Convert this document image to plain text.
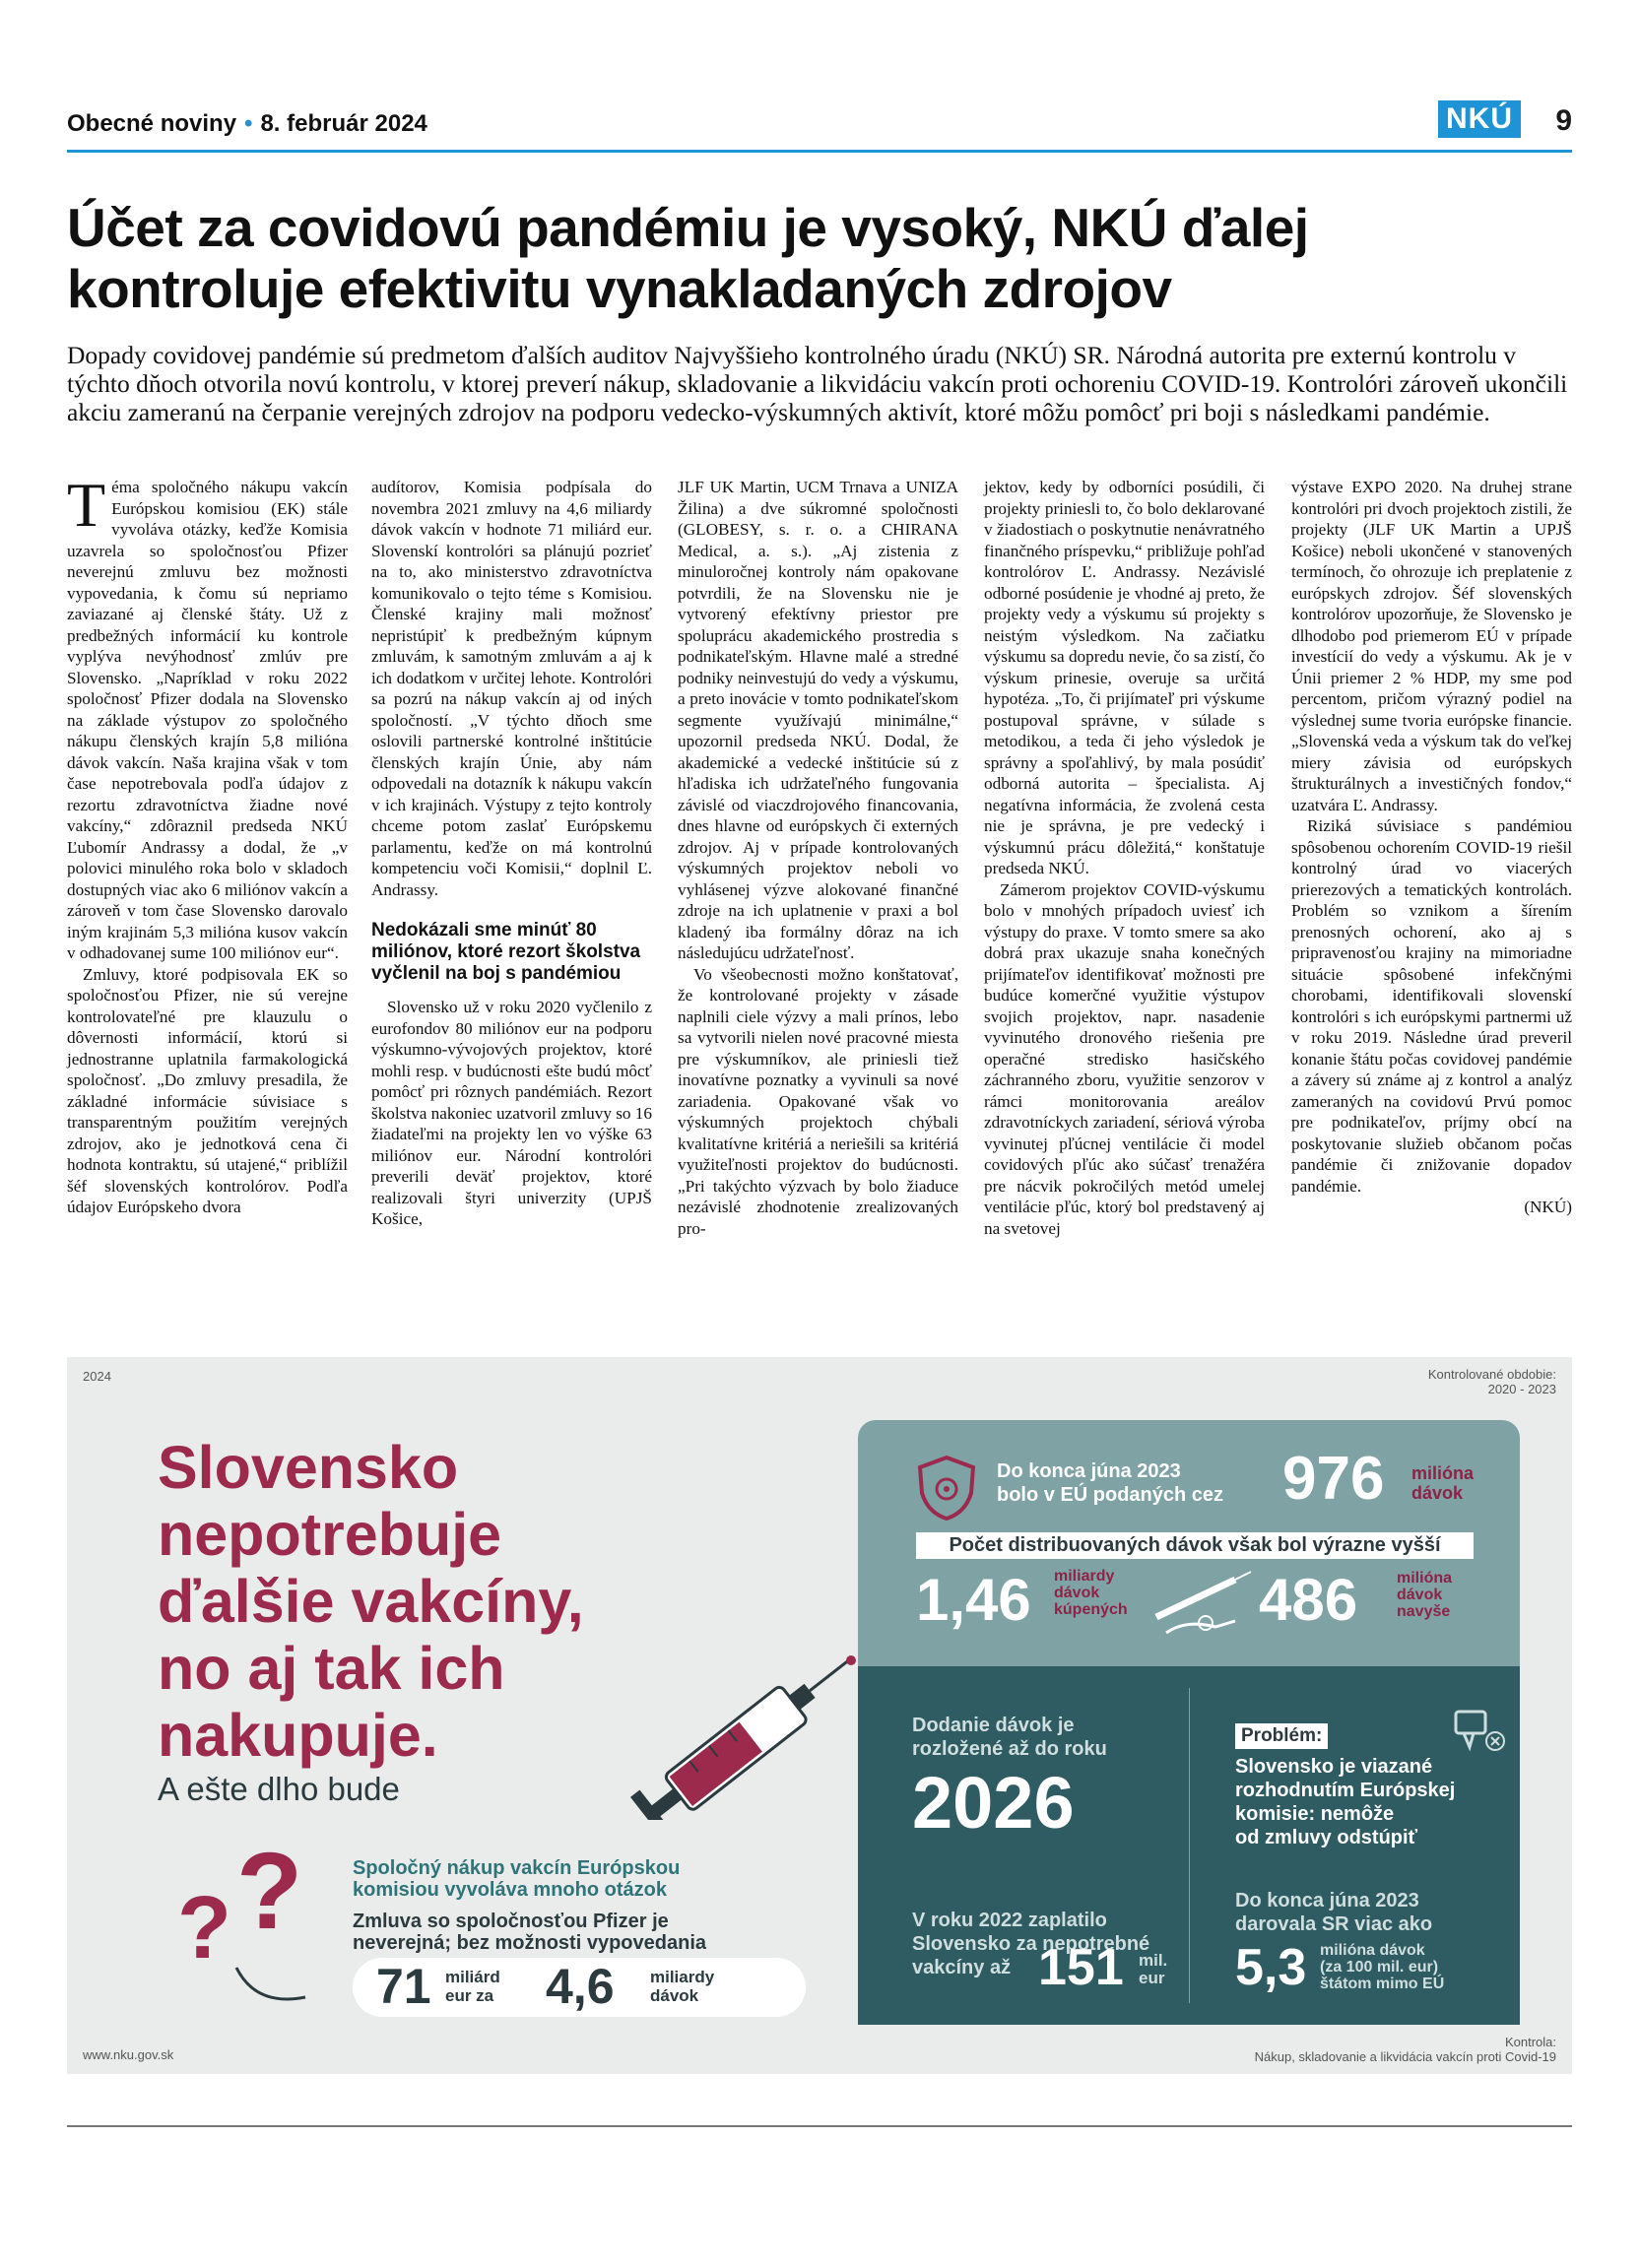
Obecné noviny • 8. február 2024	NKÚ 9
Účet za covidovú pandémiu je vysoký, NKÚ ďalej
kontroluje efektivitu vynakladaných zdrojov

Dopady covidovej pandémie sú predmetom ďalších auditov Najvyššieho kontrolného úradu (NKÚ) SR. Národná autorita pre externú kontrolu v týchto dňoch otvorila novú kontrolu, v ktorej preverí nákup, skladovanie a likvidáciu vakcín proti ochoreniu COVID-19. Kontrolóri zároveň ukončili akciu zameranú na čerpanie verejných zdrojov na podporu vedecko-výskumných aktivít, ktoré môžu pomôcť pri boji s následkami pandémie.

Téma spoločného nákupu vakcín Európskou komisiou (EK) stále vyvoláva otázky, keďže Komisia uzavrela so spoločnosťou Pfizer neverejnú zmluvu bez možnosti vypovedania, k čomu sú nepriamo zaviazané aj členské štáty. Už z predbežných informácií ku kontrole vyplýva nevýhodnosť zmlúv pre Slovensko. „Napríklad v roku 2022 spoločnosť Pfizer dodala na Slovensko na základe výstupov zo spoločného nákupu členských krajín 5,8 milióna dávok vakcín. Naša krajina však v tom čase nepotrebovala podľa údajov z rezortu zdravotníctva žiadne nové vakcíny,“ zdôraznil predseda NKÚ Ľubomír Andrassy a dodal, že „v polovici minulého roka bolo v skladoch dostupných viac ako 6 miliónov vakcín a zároveň v tom čase Slovensko darovalo iným krajinám 5,3 milióna kusov vakcín v odhadovanej sume 100 miliónov eur“.

Zmluvy, ktoré podpisovala EK so spoločnosťou Pfizer, nie sú verejne kontrolovateľné pre klauzulu o dôvernosti informácií, ktorú si jednostranne uplatnila farmakologická spoločnosť. „Do zmluvy presadila, že základné informácie súvisiace s transparentným použitím verejných zdrojov, ako je jednotková cena či hodnota kontraktu, sú utajené,“ priblížil šéf slovenských kontrolórov. Podľa údajov Európskeho dvora

audítorov, Komisia podpísala do novembra 2021 zmluvy na 4,6 miliardy dávok vakcín v hodnote 71 miliárd eur. Slovenskí kontrolóri sa plánujú pozrieť na to, ako ministerstvo zdravotníctva komunikovalo o tejto téme s Komisiou. Členské krajiny mali možnosť nepristúpiť k predbežným kúpnym zmluvám, k samotným zmluvám a aj k ich dodatkom v určitej lehote. Kontrolóri sa pozrú na nákup vakcín aj od iných spoločností. „V týchto dňoch sme oslovili partnerské kontrolné inštitúcie členských krajín Únie, aby nám odpovedali na dotazník k nákupu vakcín v ich krajinách. Výstupy z tejto kontroly chceme potom zaslať Európskemu parlamentu, keďže on má kontrolnú kompetenciu voči Komisii,“ doplnil Ľ. Andrassy.

Nedokázali sme minúť 80 miliónov, ktoré rezort školstva vyčlenil na boj s pandémiou

Slovensko už v roku 2020 vyčlenilo z eurofondov 80 miliónov eur na podporu výskumno-vývojových projektov, ktoré mohli resp. v budúcnosti ešte budú môcť pomôcť pri rôznych pandémiách. Rezort školstva nakoniec uzatvoril zmluvy so 16 žiadateľmi na projekty len vo výške 63 miliónov eur. Národní kontrolóri preverili deväť projektov, ktoré realizovali štyri univerzity (UPJŠ Košice,

JLF UK Martin, UCM Trnava a UNIZA Žilina) a dve súkromné spoločnosti (GLOBESY, s. r. o. a CHIRANA Medical, a. s.). „Aj zistenia z minuloročnej kontroly nám opakovane potvrdili, že na Slovensku nie je vytvorený efektívny priestor pre spoluprácu akademického prostredia s podnikateľským. Hlavne malé a stredné podniky neinvestujú do vedy a výskumu, a preto inovácie v tomto podnikateľskom segmente využívajú minimálne,“ upozornil predseda NKÚ. Dodal, že akademické a vedecké inštitúcie sú z hľadiska ich udržateľného fungovania závislé od viaczdrojového financovania, dnes hlavne od európskych či externých zdrojov. Aj v prípade kontrolovaných výskumných projektov neboli vo vyhlásenej výzve alokované finančné zdroje na ich uplatnenie v praxi a bol kladený iba formálny dôraz na ich následujúcu udržateľnosť.

Vo všeobecnosti možno konštatovať, že kontrolované projekty v zásade naplnili ciele výzvy a mali prínos, lebo sa vytvorili nielen nové pracovné miesta pre výskumníkov, ale priniesli tiež inovatívne poznatky a vyvinuli sa nové zariadenia. Opakované však vo výskumných projektoch chýbali kvalitatívne kritériá a neriešili sa kritériá využiteľnosti projektov do budúcnosti. „Pri takýchto výzvach by bolo žiaduce nezávislé zhodnotenie zrealizovaných pro-

jektov, kedy by odborníci posúdili, či projekty priniesli to, čo bolo deklarované v žiadostiach o poskytnutie nenávratného finančného príspevku,“ približuje pohľad kontrolórov Ľ. Andrassy. Nezávislé odborné posúdenie je vhodné aj preto, že projekty vedy a výskumu sú projekty s neistým výsledkom. Na začiatku výskumu sa dopredu nevie, čo sa zistí, čo výskum prinesie, overuje sa určitá hypotéza. „To, či prijímateľ pri výskume postupoval správne, v súlade s metodikou, a teda či jeho výsledok je správny a spoľahlivý, by mala posúdiť odborná autorita – špecialista. Aj negatívna informácia, že zvolená cesta nie je správna, je pre vedecký i výskumnú prácu dôležitá,“ konštatuje predseda NKÚ.

Zámerom projektov COVID-výskumu bolo v mnohých prípadoch uviesť ich výstupy do praxe. V tomto smere sa ako dobrá prax ukazuje snaha konečných prijímateľov identifikovať možnosti pre budúce komerčné využitie výstupov svojich projektov, napr. nasadenie vyvinutého dronového riešenia pre operačné stredisko hasičského záchranného zboru, využitie senzorov v rámci monitorovania areálov zdravotníckych zariadení, sériová výroba vyvinutej pľúcnej ventilácie či model covidových pľúc ako súčasť trenažéra pre nácvik pokročilých metód umelej ventilácie pľúc, ktorý bol predstavený aj na svetovej

výstave EXPO 2020. Na druhej strane kontrolóri pri dvoch projektoch zistili, že projekty (JLF UK Martin a UPJŠ Košice) neboli ukončené v stanovených termínoch, čo ohrozuje ich preplatenie z európskych zdrojov. Šéf slovenských kontrolórov upozorňuje, že Slovensko je dlhodobo pod priemerom EÚ v prípade investícií do vedy a výskumu. Ak je v Únii priemer 2 % HDP, my sme pod percentom, pričom výrazný podiel na výslednej sume tvoria európske financie. „Slovenská veda a výskum tak do veľkej miery závisia od európskych štrukturálnych a investičných fondov,“ uzatvára Ľ. Andrassy.

Riziká súvisiace s pandémiou spôsobenou ochorením COVID-19 riešil kontrolný úrad vo viacerých prierezových a tematických kontrolách. Problém so vznikom a šírením prenosných ochorení, ako aj s pripravenosťou krajiny na mimoriadne situácie spôsobené infekčnými chorobami, identifikovali slovenskí kontrolóri s ich európskymi partnermi už v roku 2019. Následne úrad preveril konanie štátu počas covidovej pandémie a závery sú známe aj z kontrol a analýz zameraných na covidovú Prvú pomoc pre podnikateľov, príjmy obcí na poskytovanie služieb občanom počas pandémie či znižovanie dopadov pandémie.

(NKÚ)

2024	Kontrolované obdobie:
2020 - 2023
Slovensko
nepotrebuje
ďalšie vakcíny,
no aj tak ich
nakupuje.
A ešte dlho bude
? ?	Spoločný nákup vakcín Európskou
komisiou vyvoláva mnoho otázok
Zmluva so spoločnosťou Pfizer je
neverejná; bez možnosti vypovedania
71 miliárd
eur za 4,6 miliardy
dávok
Do konca júna 2023
bolo v EÚ podaných cez 976 milióna
dávok
Počet distribuovaných dávok však bol výrazne vyšší
1,46 miliardy
dávok
kúpených 486 milióna
dávok
navyše
Dodanie dávok je
rozložené až do roku
2026
Problém:
Slovensko je viazané
rozhodnutím Európskej
komisie: nemôže
od zmluvy odstúpiť
V roku 2022 zaplatilo
Slovensko za nepotrebné
vakcíny až 151 mil.
eur
Do konca júna 2023
darovala SR viac ako
5,3 milióna dávok
(za 100 mil. eur)
štátom mimo EÚ
www.nku.gov.sk
Kontrola:
Nákup, skladovanie a likvidácia vakcín proti Covid-19
